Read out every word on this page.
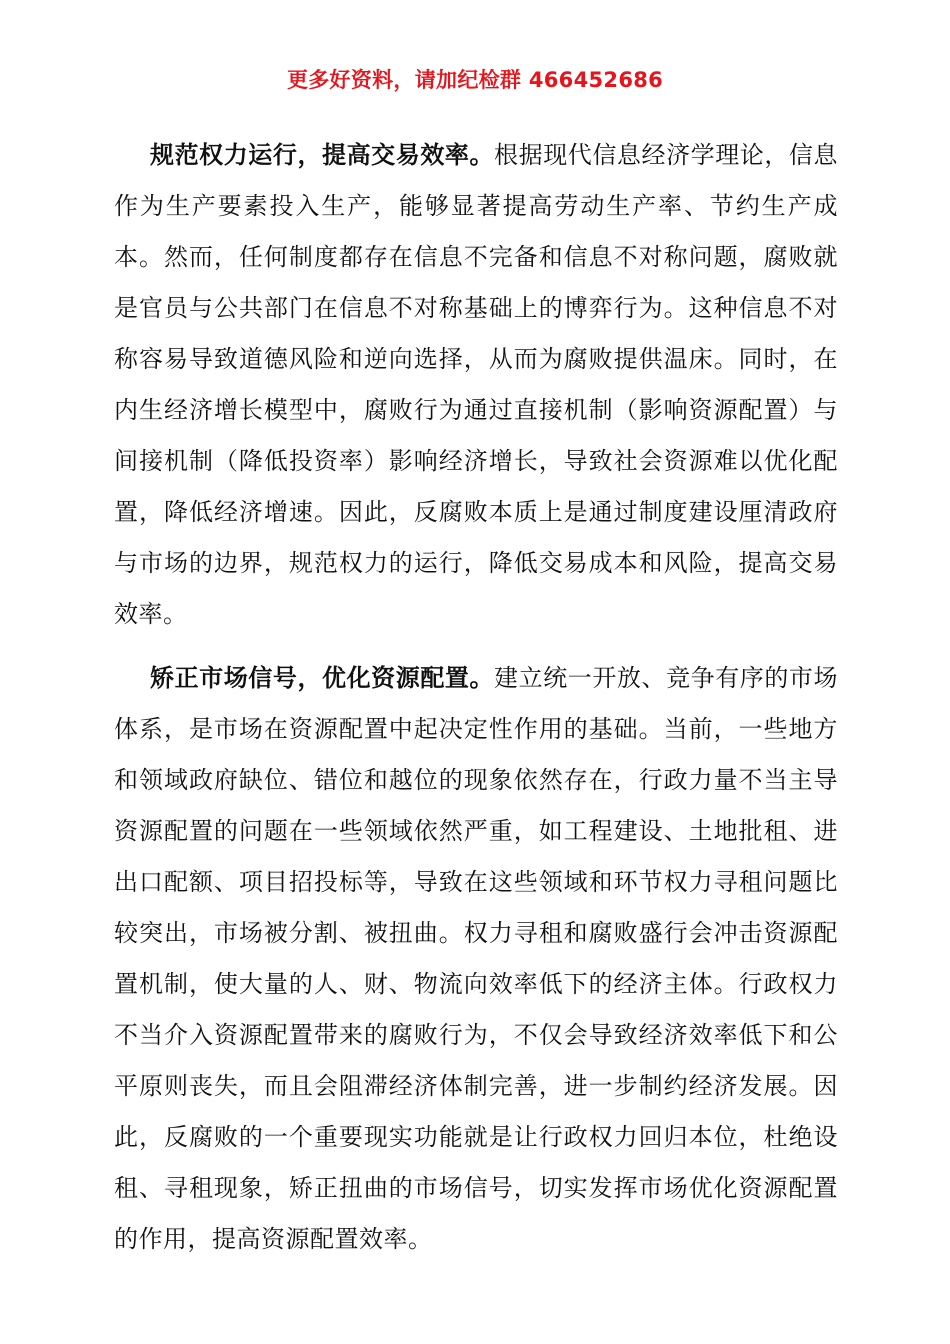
更多好资料，请加纪检群 466452686

规范权力运行，提高交易效率。根据现代信息经济学理论，信息作为生产要素投入生产，能够显著提高劳动生产率、节约生产成本。然而，任何制度都存在信息不完备和信息不对称问题，腐败就是官员与公共部门在信息不对称基础上的博弈行为。这种信息不对称容易导致道德风险和逆向选择，从而为腐败提供温床。同时，在内生经济增长模型中，腐败行为通过直接机制（影响资源配置）与间接机制（降低投资率）影响经济增长，导致社会资源难以优化配置，降低经济增速。因此，反腐败本质上是通过制度建设厘清政府与市场的边界，规范权力的运行，降低交易成本和风险，提高交易效率。

矫正市场信号，优化资源配置。建立统一开放、竞争有序的市场体系，是市场在资源配置中起决定性作用的基础。当前，一些地方和领域政府缺位、错位和越位的现象依然存在，行政力量不当主导资源配置的问题在一些领域依然严重，如工程建设、土地批租、进出口配额、项目招投标等，导致在这些领域和环节权力寻租问题比较突出，市场被分割、被扭曲。权力寻租和腐败盛行会冲击资源配置机制，使大量的人、财、物流向效率低下的经济主体。行政权力不当介入资源配置带来的腐败行为，不仅会导致经济效率低下和公平原则丧失，而且会阻滞经济体制完善，进一步制约经济发展。因此，反腐败的一个重要现实功能就是让行政权力回归本位，杜绝设租、寻租现象，矫正扭曲的市场信号，切实发挥市场优化资源配置的作用，提高资源配置效率。
